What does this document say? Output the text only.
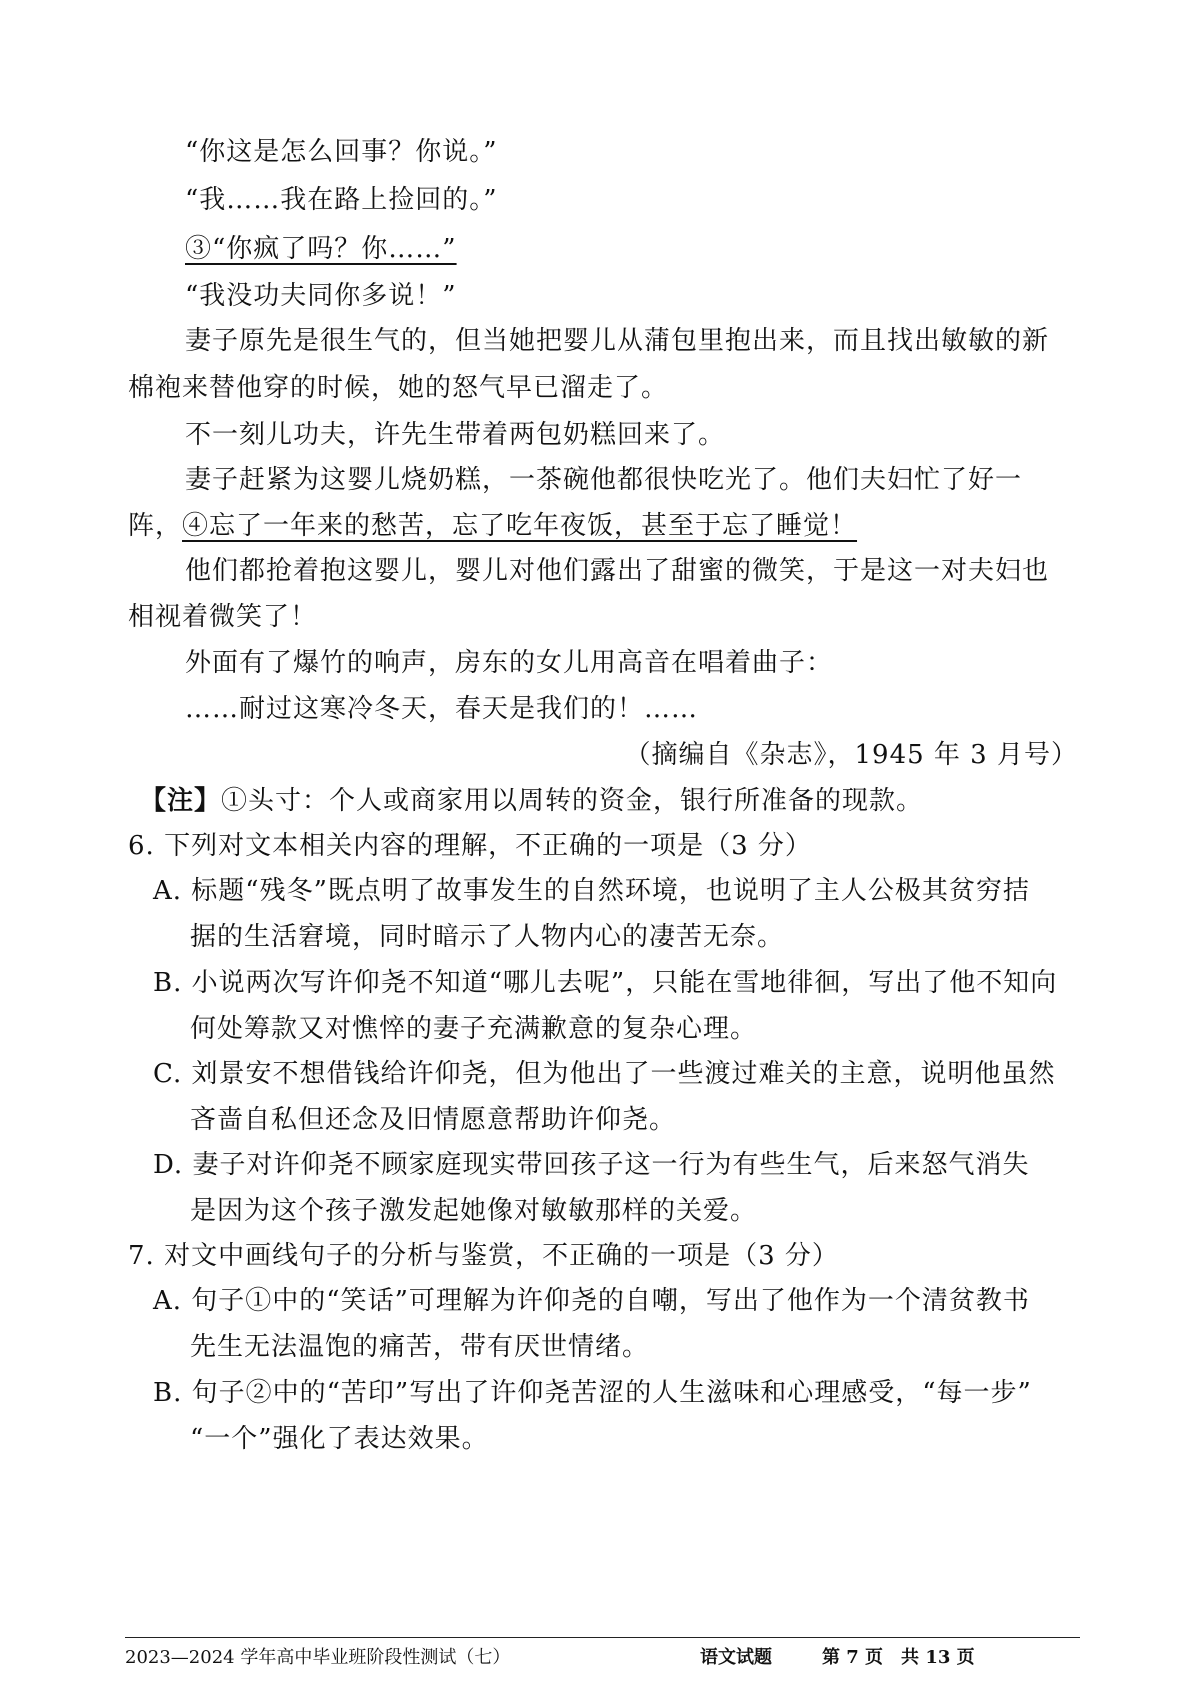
“你这是怎么回事？你说。”
“我……我在路上捡回的。”
③“你疯了吗？你……”
“我没功夫同你多说！”
妻子原先是很生气的，但当她把婴儿从蒲包里抱出来，而且找出敏敏的新
棉袍来替他穿的时候，她的怒气早已溜走了。
不一刻儿功夫，许先生带着两包奶糕回来了。
妻子赶紧为这婴儿烧奶糕，一茶碗他都很快吃光了。他们夫妇忙了好一
阵，④忘了一年来的愁苦，忘了吃年夜饭，甚至于忘了睡觉！
他们都抢着抱这婴儿，婴儿对他们露出了甜蜜的微笑，于是这一对夫妇也
相视着微笑了！
外面有了爆竹的响声，房东的女儿用高音在唱着曲子：
……耐过这寒冷冬天，春天是我们的！……
（摘编自《杂志》，1945 年 3 月号）
【注】①头寸：个人或商家用以周转的资金，银行所准备的现款。
6. 下列对文本相关内容的理解，不正确的一项是（3 分）
A. 标题“残冬”既点明了故事发生的自然环境，也说明了主人公极其贫穷拮
据的生活窘境，同时暗示了人物内心的凄苦无奈。
B. 小说两次写许仰尧不知道“哪儿去呢”，只能在雪地徘徊，写出了他不知向
何处筹款又对憔悴的妻子充满歉意的复杂心理。
C. 刘景安不想借钱给许仰尧，但为他出了一些渡过难关的主意，说明他虽然
吝啬自私但还念及旧情愿意帮助许仰尧。
D. 妻子对许仰尧不顾家庭现实带回孩子这一行为有些生气，后来怒气消失
是因为这个孩子激发起她像对敏敏那样的关爱。
7. 对文中画线句子的分析与鉴赏，不正确的一项是（3 分）
A. 句子①中的“笑话”可理解为许仰尧的自嘲，写出了他作为一个清贫教书
先生无法温饱的痛苦，带有厌世情绪。
B. 句子②中的“苦印”写出了许仰尧苦涩的人生滋味和心理感受，“每一步”
“一个”强化了表达效果。
2023—2024 学年高中毕业班阶段性测试（七）	语文试题	第 7 页　共 13 页
